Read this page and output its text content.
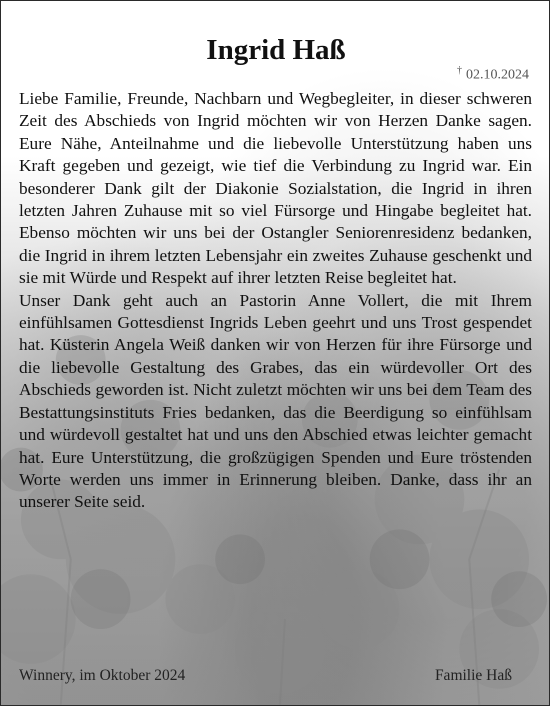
Ingrid Haß
† 02.10.2024

Liebe Familie, Freunde, Nachbarn und Wegbegleiter, in dieser schweren Zeit des Abschieds von Ingrid möchten wir von Herzen Danke sagen. Eure Nähe, Anteilnahme und die liebevolle Unterstützung haben uns Kraft gegeben und gezeigt, wie tief die Verbindung zu Ingrid war. Ein besonderer Dank gilt der Diakonie Sozialstation, die Ingrid in ihren letzten Jahren Zuhause mit so viel Fürsorge und Hingabe begleitet hat. Ebenso möchten wir uns bei der Ostangler Seniorenresidenz bedanken, die Ingrid in ihrem letzten Lebensjahr ein zweites Zuhause geschenkt und sie mit Würde und Respekt auf ihrer letzten Reise begleitet hat.

Unser Dank geht auch an Pastorin Anne Vollert, die mit Ihrem einfühlsamen Gottesdienst Ingrids Leben geehrt und uns Trost gespendet hat. Küsterin Angela Weiß danken wir von Herzen für ihre Fürsorge und die liebevolle Gestaltung des Grabes, das ein würdevoller Ort des Abschieds geworden ist. Nicht zuletzt möchten wir uns bei dem Team des Bestattungsinstituts Fries bedanken, das die Beerdigung so einfühlsam und würdevoll gestaltet hat und uns den Abschied etwas leichter gemacht hat. Eure Unterstützung, die großzügigen Spenden und Eure tröstenden Worte werden uns immer in Erinnerung bleiben. Danke, dass ihr an unserer Seite seid.

Winnery, im Oktober 2024	Familie Haß
